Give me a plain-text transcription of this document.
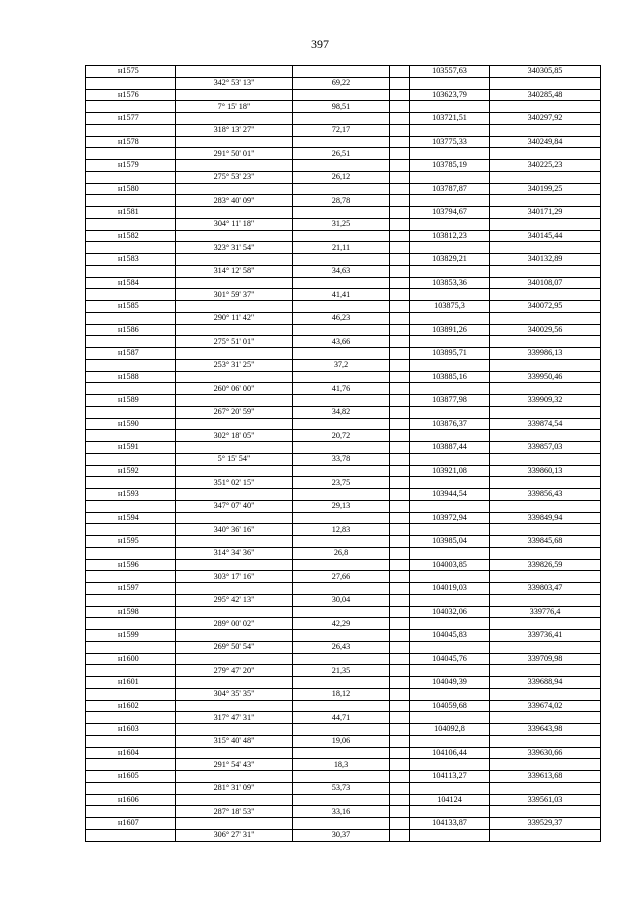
397
н1575				103557,63	340305,85
	342° 53' 13"	69,22			
н1576				103623,79	340285,48
	7° 15' 18"	98,51			
н1577				103721,51	340297,92
	318° 13' 27"	72,17			
н1578				103775,33	340249,84
	291° 50' 01"	26,51			
н1579				103785,19	340225,23
	275° 53' 23"	26,12			
н1580				103787,87	340199,25
	283° 40' 09"	28,78			
н1581				103794,67	340171,29
	304° 11' 18"	31,25			
н1582				103812,23	340145,44
	323° 31' 54"	21,11			
н1583				103829,21	340132,89
	314° 12' 58"	34,63			
н1584				103853,36	340108,07
	301° 59' 37"	41,41			
н1585				103875,3	340072,95
	290° 11' 42"	46,23			
н1586				103891,26	340029,56
	275° 51' 01"	43,66			
н1587				103895,71	339986,13
	253° 31' 25"	37,2			
н1588				103885,16	339950,46
	260° 06' 00"	41,76			
н1589				103877,98	339909,32
	267° 20' 59"	34,82			
н1590				103876,37	339874,54
	302° 18' 05"	20,72			
н1591				103887,44	339857,03
	5° 15' 54"	33,78			
н1592				103921,08	339860,13
	351° 02' 15"	23,75			
н1593				103944,54	339856,43
	347° 07' 40"	29,13			
н1594				103972,94	339849,94
	340° 36' 16"	12,83			
н1595				103985,04	339845,68
	314° 34' 36"	26,8			
н1596				104003,85	339826,59
	303° 17' 16"	27,66			
н1597				104019,03	339803,47
	295° 42' 13"	30,04			
н1598				104032,06	339776,4
	289° 00' 02"	42,29			
н1599				104045,83	339736,41
	269° 50' 54"	26,43			
н1600				104045,76	339709,98
	279° 47' 20"	21,35			
н1601				104049,39	339688,94
	304° 35' 35"	18,12			
н1602				104059,68	339674,02
	317° 47' 31"	44,71			
н1603				104092,8	339643,98
	315° 40' 48"	19,06			
н1604				104106,44	339630,66
	291° 54' 43"	18,3			
н1605				104113,27	339613,68
	281° 31' 09"	53,73			
н1606				104124	339561,03
	287° 18' 53"	33,16			
н1607				104133,87	339529,37
	306° 27' 31"	30,37			
